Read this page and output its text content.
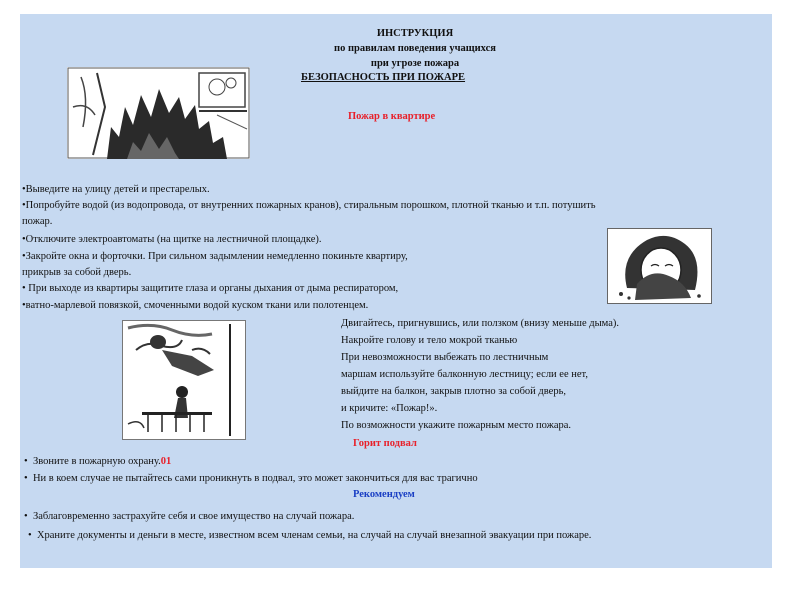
ИНСТРУКЦИЯ
по правилам поведения учащихся
при угрозе пожара
БЕЗОПАСНОСТЬ ПРИ ПОЖАРЕ
Пожар в квартире
•Выведите на улицу детей и престарелых.
•Попробуйте водой (из водопровода, от внутренних пожарных кранов), стиральным порошком, плотной тканью и т.п. потушить
пожар.
•Отключите электроавтоматы (на щитке на лестничной площадке).
•Закройте окна и форточки. При сильном задымлении немедленно покиньте квартиру,
прикрыв за собой дверь.
• При выходе из квартиры защитите глаза и органы дыхания от дыма респиратором,
•ватно-марлевой повязкой, смоченными водой куском ткани или полотенцем.
Двигайтесь, пригнувшись, или ползком (внизу меньше дыма).
Накройте голову и тело мокрой тканью
При невозможности выбежать по лестничным
маршам используйте балконную лестницу; если ее нет,
выйдите на балкон, закрыв плотно за собой дверь,
и кричите: «Пожар!».
По возможности укажите пожарным место пожара.
Горит подвал
• Звоните в пожарную охрану.01
• Ни в коем случае не пытайтесь сами проникнуть в подвал, это может закончиться для вас трагично
Рекомендуем
• Заблаговременно застрахуйте себя и свое имущество на случай пожара.
• Храните документы и деньги в месте, известном всем членам семьи, на случай на случай внезапной эвакуации при пожаре.
